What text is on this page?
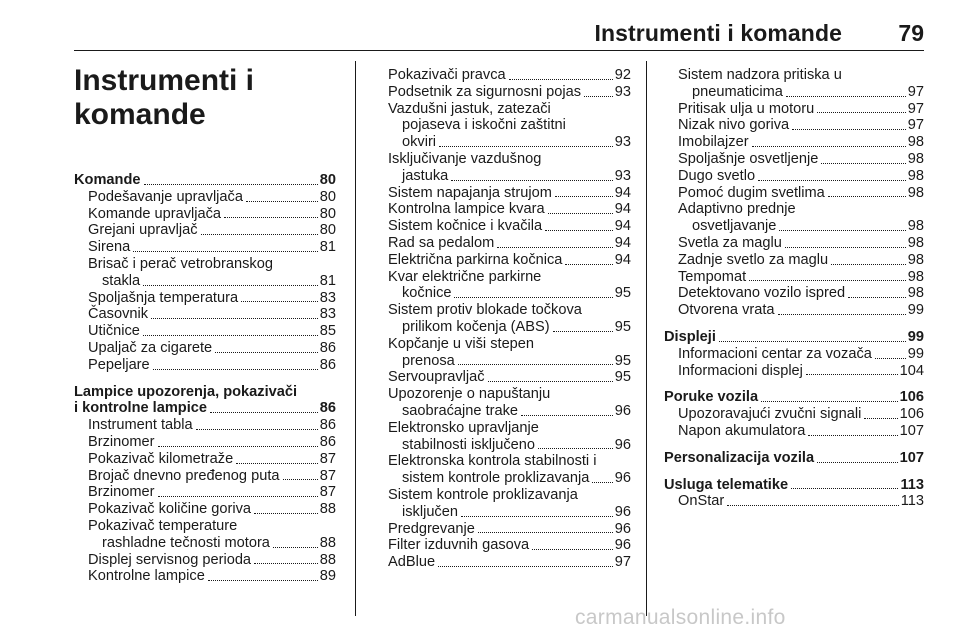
Instrumenti i komande 79
Instrumenti i
komande
Komande	80
Podešavanje upravljača	80
Komande upravljača	80
Grejani upravljač	80
Sirena	81
Brisač i perač vetrobranskog
stakla	81
Spoljašnja temperatura	83
Časovnik	83
Utičnice	85
Upaljač za cigarete	86
Pepeljare	86
Lampice upozorenja, pokazivači
i kontrolne lampice	86
Instrument tabla	86
Brzinomer	86
Pokazivač kilometraže	87
Brojač dnevno pređenog puta	87
Brzinomer	87
Pokazivač količine goriva	88
Pokazivač temperature
rashladne tečnosti motora	88
Displej servisnog perioda	88
Kontrolne lampice	89
Pokazivači pravca	92
Podsetnik za sigurnosni pojas 93
Vazdušni jastuk, zatezači
pojaseva i iskočni zaštitni
okviri	93
Isključivanje vazdušnog
jastuka	93
Sistem napajanja strujom	94
Kontrolna lampice kvara	94
Sistem kočnice i kvačila	94
Rad sa pedalom	94
Električna parkirna kočnica	94
Kvar električne parkirne
kočnice	95
Sistem protiv blokade točkova
prilikom kočenja (ABS)	95
Kopčanje u viši stepen
prenosa	95
Servoupravljač	95
Upozorenje o napuštanju
saobraćajne trake	96
Elektronsko upravljanje
stabilnosti isključeno	96
Elektronska kontrola stabilnosti i
sistem kontrole proklizavanja 96
Sistem kontrole proklizavanja
isključen	96
Predgrevanje	96
Filter izduvnih gasova	96
AdBlue	97
Sistem nadzora pritiska u
pneumaticima	97
Pritisak ulja u motoru	97
Nizak nivo goriva	97
Imobilajzer	98
Spoljašnje osvetljenje	98
Dugo svetlo	98
Pomoć dugim svetlima	98
Adaptivno prednje
osvetljavanje	98
Svetla za maglu	98
Zadnje svetlo za maglu	98
Tempomat	98
Detektovano vozilo ispred	98
Otvorena vrata	99
Displeji	99
Informacioni centar za vozača 99
Informacioni displej	104
Poruke vozila	106
Upozoravajući zvučni signali	106
Napon akumulatora	107
Personalizacija vozila	107
Usluga telematike	113
OnStar	113
carmanualsonline.info
